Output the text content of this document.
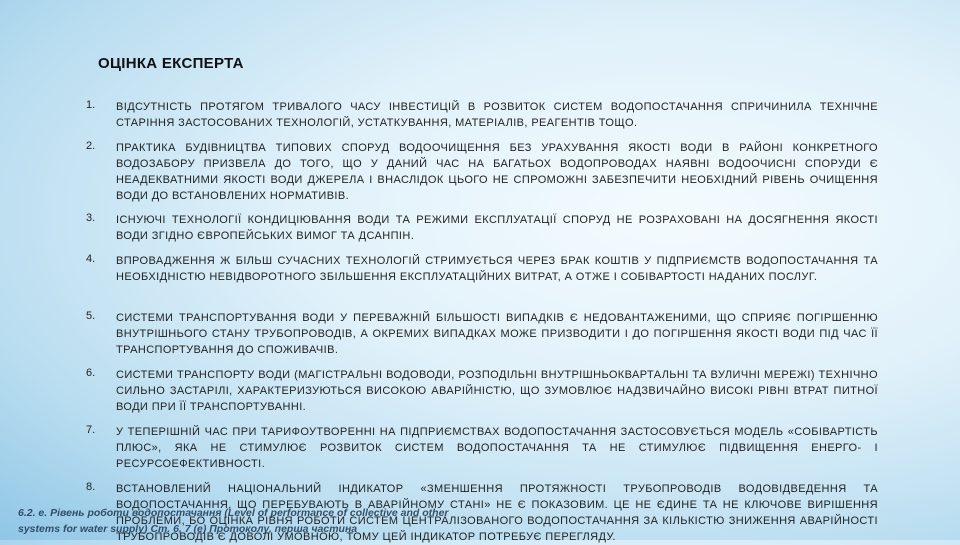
ОЦІНКА ЕКСПЕРТА
1. ВІДСУТНІСТЬ ПРОТЯГОМ ТРИВАЛОГО ЧАСУ ІНВЕСТИЦІЙ В РОЗВИТОК СИСТЕМ ВОДОПОСТАЧАННЯ СПРИЧИНИЛА ТЕХНІЧНЕ СТАРІННЯ ЗАСТОСОВАНИХ ТЕХНОЛОГІЙ, УСТАТКУВАННЯ, МАТЕРІАЛІВ, РЕАГЕНТІВ ТОЩО.
2. ПРАКТИКА БУДІВНИЦТВА ТИПОВИХ СПОРУД ВОДООЧИЩЕННЯ БЕЗ УРАХУВАННЯ ЯКОСТІ ВОДИ В РАЙОНІ КОНКРЕТНОГО ВОДОЗАБОРУ ПРИЗВЕЛА ДО ТОГО, ЩО У ДАНИЙ ЧАС НА БАГАТЬОХ ВОДОПРОВОДАХ НАЯВНІ ВОДООЧИСНІ СПОРУДИ Є НЕАДЕКВАТНИМИ ЯКОСТІ ВОДИ ДЖЕРЕЛА І ВНАСЛІДОК ЦЬОГО НЕ СПРОМОЖНІ ЗАБЕЗПЕЧИТИ НЕОБХІДНИЙ РІВЕНЬ ОЧИЩЕННЯ ВОДИ ДО ВСТАНОВЛЕНИХ НОРМАТИВІВ.
3. ІСНУЮЧІ ТЕХНОЛОГІЇ КОНДИЦІЮВАННЯ ВОДИ ТА РЕЖИМИ ЕКСПЛУАТАЦІЇ СПОРУД НЕ РОЗРАХОВАНІ НА ДОСЯГНЕННЯ ЯКОСТІ ВОДИ ЗГІДНО ЄВРОПЕЙСЬКИХ ВИМОГ ТА ДСАНПІН.
4. ВПРОВАДЖЕННЯ Ж БІЛЬШ СУЧАСНИХ ТЕХНОЛОГІЙ СТРИМУЄТЬСЯ ЧЕРЕЗ БРАК КОШТІВ У ПІДПРИЄМСТВ ВОДОПОСТАЧАННЯ ТА НЕОБХІДНІСТЮ НЕВІДВОРОТНОГО ЗБІЛЬШЕННЯ ЕКСПЛУАТАЦІЙНИХ ВИТРАТ, А ОТЖЕ І СОБІВАРТОСТІ НАДАНИХ ПОСЛУГ.
5. СИСТЕМИ ТРАНСПОРТУВАННЯ ВОДИ У ПЕРЕВАЖНІЙ БІЛЬШОСТІ ВИПАДКІВ Є НЕДОВАНТАЖЕНИМИ, ЩО СПРИЯЄ ПОГІРШЕННЮ ВНУТРІШНЬОГО СТАНУ ТРУБОПРОВОДІВ, А ОКРЕМИХ ВИПАДКАХ МОЖЕ ПРИЗВОДИТИ І ДО ПОГІРШЕННЯ ЯКОСТІ ВОДИ ПІД ЧАС ЇЇ ТРАНСПОРТУВАННЯ ДО СПОЖИВАЧІВ.
6. СИСТЕМИ ТРАНСПОРТУ ВОДИ (МАГІСТРАЛЬНІ ВОДОВОДИ, РОЗПОДІЛЬНІ ВНУТРІШНЬОКВАРТАЛЬНІ ТА ВУЛИЧНІ МЕРЕЖІ) ТЕХНІЧНО СИЛЬНО ЗАСТАРІЛІ, ХАРАКТЕРИЗУЮТЬСЯ ВИСОКОЮ АВАРІЙНІСТЮ, ЩО ЗУМОВЛЮЄ НАДЗВИЧАЙНО ВИСОКІ РІВНІ ВТРАТ ПИТНОЇ ВОДИ ПРИ ЇЇ ТРАНСПОРТУВАННІ.
7. У ТЕПЕРІШНІЙ ЧАС ПРИ ТАРИФОУТВОРЕННІ НА ПІДПРИЄМСТВАХ ВОДОПОСТАЧАННЯ ЗАСТОСОВУЄТЬСЯ МОДЕЛЬ «СОБІВАРТІСТЬ ПЛЮС», ЯКА НЕ СТИМУЛЮЄ РОЗВИТОК СИСТЕМ ВОДОПОСТАЧАННЯ ТА НЕ СТИМУЛЮЄ ПІДВИЩЕННЯ ЕНЕРГО- І РЕСУРСОЕФЕКТИВНОСТІ.
8. ВСТАНОВЛЕНИЙ НАЦІОНАЛЬНИЙ ІНДИКАТОР «ЗМЕНШЕННЯ ПРОТЯЖНОСТІ ТРУБОПРОВОДІВ ВОДОВІДВЕДЕННЯ ТА ВОДОПОСТАЧАННЯ, ЩО ПЕРЕБУВАЮТЬ В АВАРІЙНОМУ СТАНІ» НЕ Є ПОКАЗОВИМ. ЦЕ НЕ ЄДИНЕ ТА НЕ КЛЮЧОВЕ ВИРІШЕННЯ ПРОБЛЕМИ, БО ОЦІНКА РІВНЯ РОБОТИ СИСТЕМ ЦЕНТРАЛІЗОВАНОГО ВОДОПОСТАЧАННЯ ЗА КІЛЬКІСТЮ ЗНИЖЕННЯ АВАРІЙНОСТІ ТРУБОПРОВОДІВ Є ДОВОЛІ УМОВНОЮ, ТОМУ ЦЕЙ ІНДИКАТОР ПОТРЕБУЄ ПЕРЕГЛЯДУ.
6.2. e. Рівень роботи водопостачання (Level of performance of collective and other
systems for water supply) Ст. 6, 7 (e) Протоколу, перша частина
